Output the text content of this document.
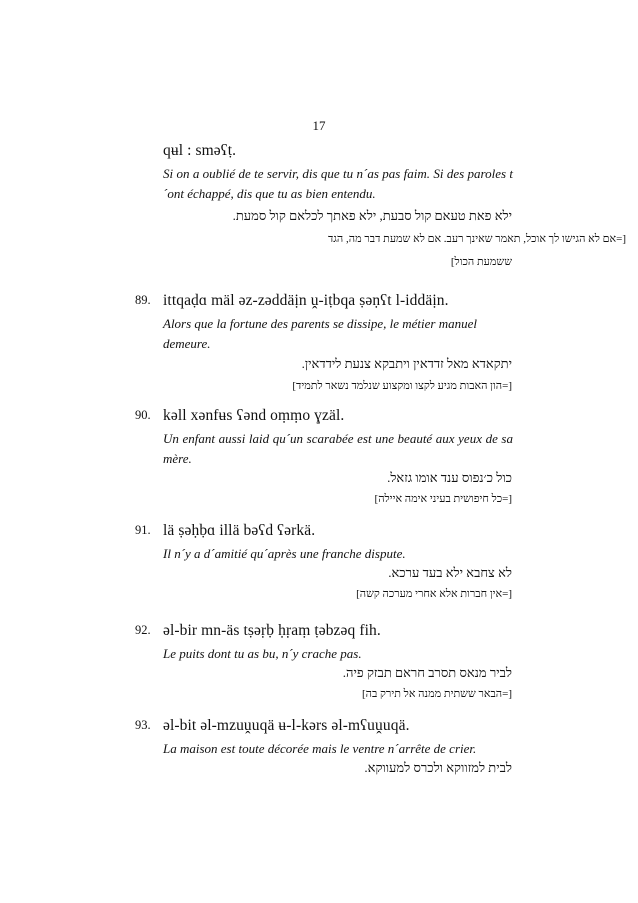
17
qʉl : sməʕṭ.
Si on a oublié de te servir, dis que tu n´as pas faim. Si des paroles t´ont échappé, dis que tu as bien entendu.
ילא פאת טעאם קול סבעת, ילא פאתך לכלאם קול סמעת.
[=אם לא הגישו לך אוכל, תאמר שאינך רעב. אם לא שמעת דבר מה, הגד
ששמעת הכול]
89. ittqaḍɑ mäl əz-zəddäịn ṷ-iṭbqa ṣəṇʕt l-iddäịn.
Alors que la fortune des parents se dissipe, le métier manuel demeure.
יתקאדא מאל זדדאין ויתבקא צנעת לידדאין.
[=הון האבות מגיע לקצו ומקצוע שנלמד נשאר לתמיד]
90. kəll xənfʉs ʕənd oṃṃo ɣzäl.
Un enfant aussi laid qu´un scarabée est une beauté aux yeux de sa mère.
כול כ׳נפוס ענד אומו גזאל.
[=כל חיפושית בעיני אימה איילה]
91. lä ṣəḥḅɑ illä bəʕd ʕərkä.
Il n´y a d´amitié qu´après une franche dispute.
לא צחבא ילא בעד ערכא.
[=אין חברות אלא אחרי מערכה קשה]
92. əl-bir mn-äs tṣəṛḅ ḥṛaṃ ṭəbzəq fih.
Le puits dont tu as bu, n´y crache pas.
לביר מנאס תסרב חראם תבזק פיה.
[=הבאר ששתית ממנה אל תירק בה]
93. əl-bit əl-mzuṷuqä ʉ-l-kərs əl-mʕuṷuqä.
La maison est toute décorée mais le ventre n´arrête de crier.
לבית למזווקא ולכרס למעווקא.
